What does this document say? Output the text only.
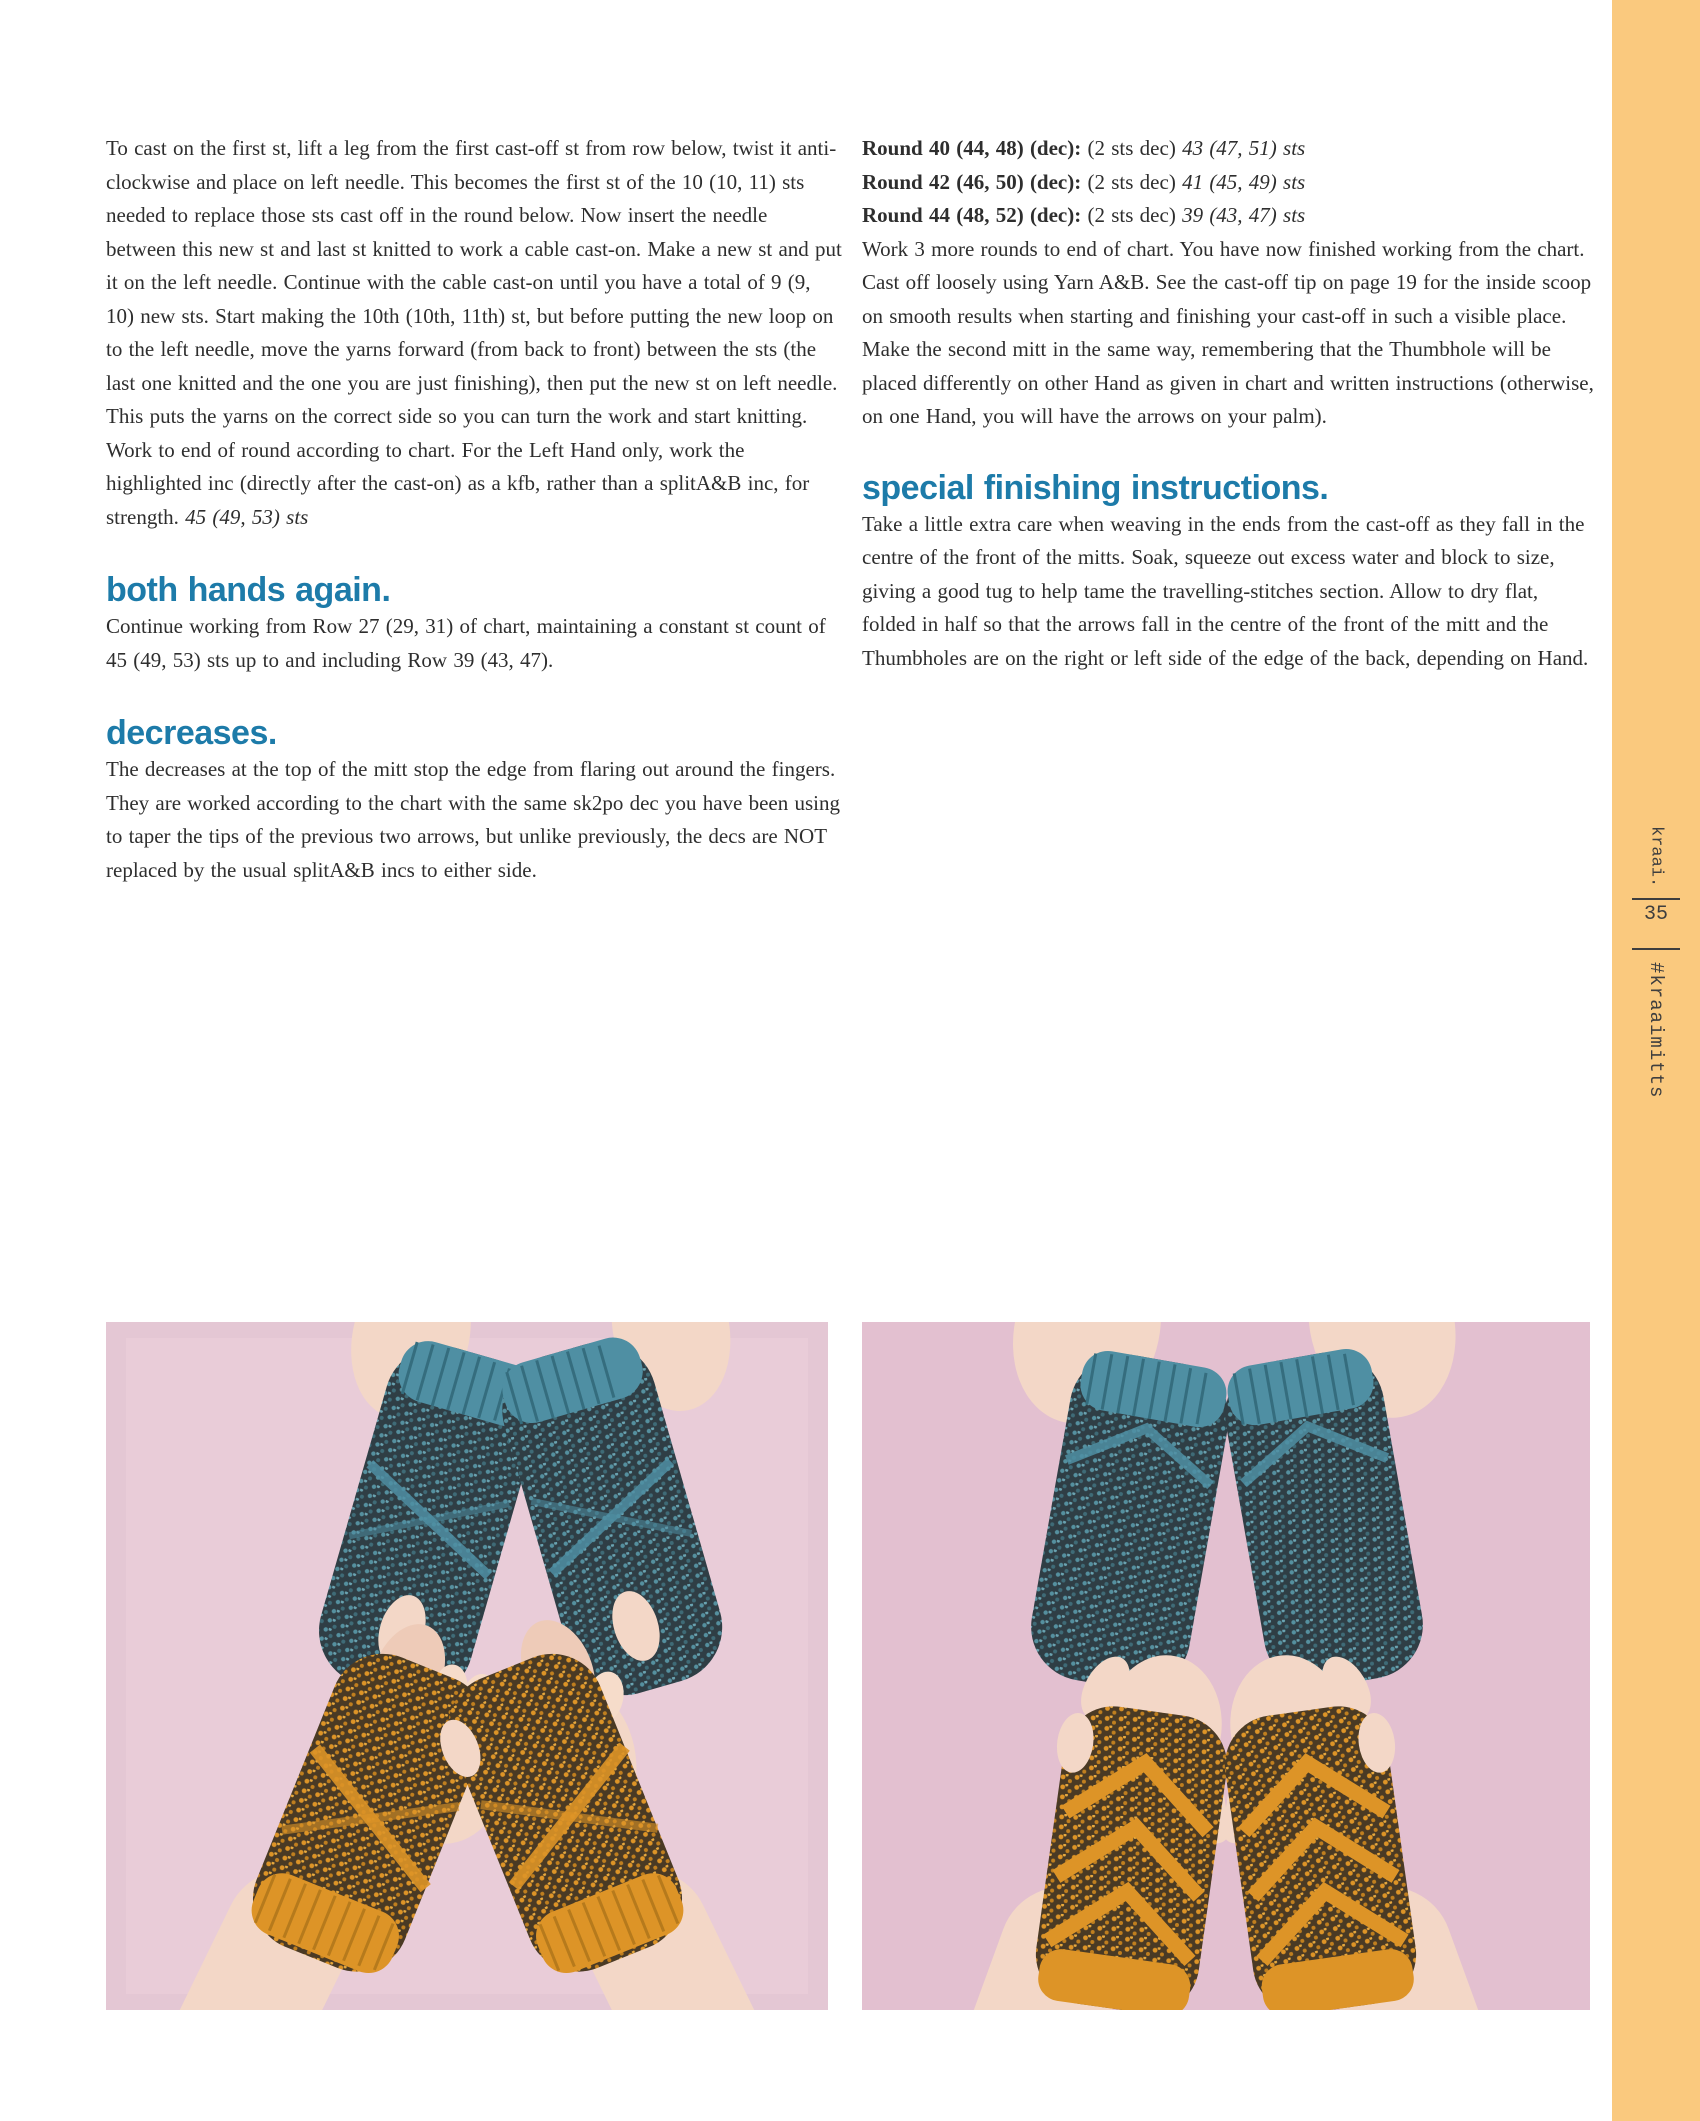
To cast on the first st, lift a leg from the first cast-off st from row below, twist it anti-clockwise and place on left needle. This becomes the first st of the 10 (10, 11) sts needed to replace those sts cast off in the round below. Now insert the needle between this new st and last st knitted to work a cable cast-on. Make a new st and put it on the left needle. Continue with the cable cast-on until you have a total of 9 (9, 10) new sts. Start making the 10th (10th, 11th) st, but before putting the new loop on to the left needle, move the yarns forward (from back to front) between the sts (the last one knitted and the one you are just finishing), then put the new st on left needle. This puts the yarns on the correct side so you can turn the work and start knitting. Work to end of round according to chart. For the Left Hand only, work the highlighted inc (directly after the cast-on) as a kfb, rather than a splitA&B inc, for strength. 45 (49, 53) sts

both hands again.

Continue working from Row 27 (29, 31) of chart, maintaining a constant st count of 45 (49, 53) sts up to and including Row 39 (43, 47).

decreases.

The decreases at the top of the mitt stop the edge from flaring out around the fingers. They are worked according to the chart with the same sk2po dec you have been using to taper the tips of the previous two arrows, but unlike previously, the decs are NOT replaced by the usual splitA&B incs to either side.

Round 40 (44, 48) (dec): (2 sts dec) 43 (47, 51) sts

Round 42 (46, 50) (dec): (2 sts dec) 41 (45, 49) sts

Round 44 (48, 52) (dec): (2 sts dec) 39 (43, 47) sts

Work 3 more rounds to end of chart. You have now finished working from the chart.

Cast off loosely using Yarn A&B. See the cast-off tip on page 19 for the inside scoop on smooth results when starting and finishing your cast-off in such a visible place.

Make the second mitt in the same way, remembering that the Thumbhole will be placed differently on other Hand as given in chart and written instructions (otherwise, on one Hand, you will have the arrows on your palm).

special finishing instructions.

Take a little extra care when weaving in the ends from the cast-off as they fall in the centre of the front of the mitts. Soak, squeeze out excess water and block to size, giving a good tug to help tame the travelling-stitches section. Allow to dry flat, folded in half so that the arrows fall in the centre of the front of the mitt and the Thumbholes are on the right or left side of the edge of the back, depending on Hand.

kraai.
35
#kraaimitts
